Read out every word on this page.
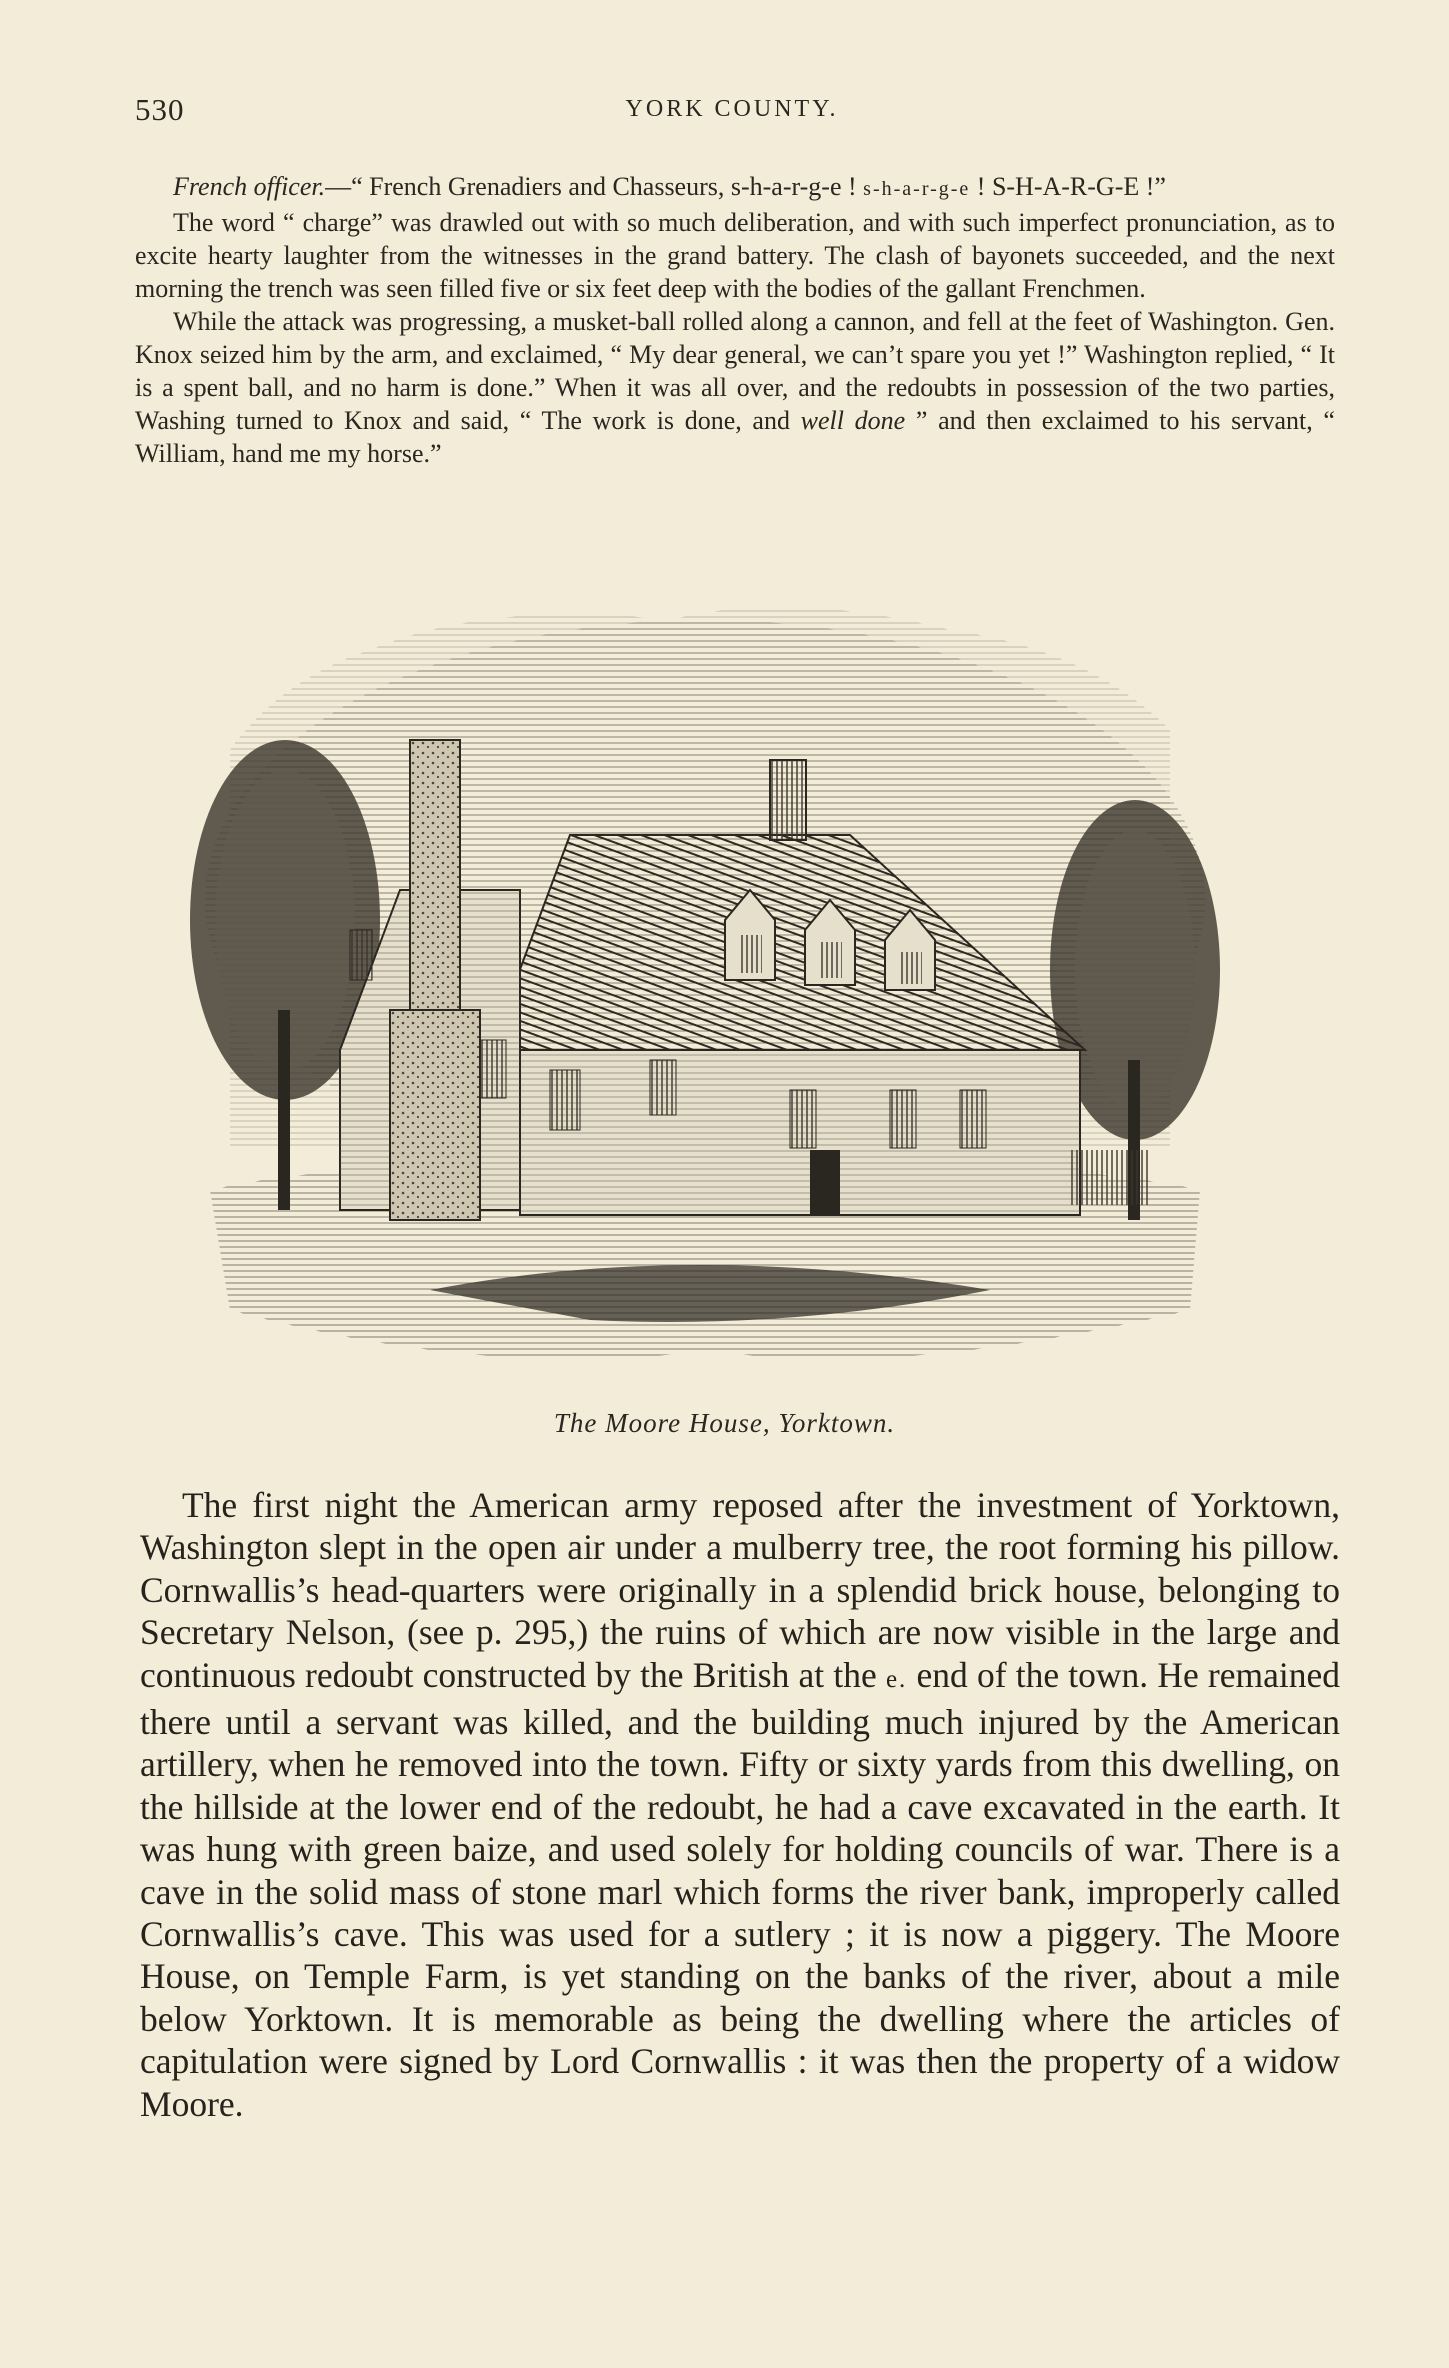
530	YORK COUNTY.

French officer.—“ French Grenadiers and Chasseurs, s-h-a-r-g-e ! s-h-a-r-g-e ! S-H-A-R-G-E !”

The word “ charge” was drawled out with so much deliberation, and with such imperfect pronunciation, as to excite hearty laughter from the witnesses in the grand battery. The clash of bayonets succeeded, and the next morning the trench was seen filled five or six feet deep with the bodies of the gallant Frenchmen.

While the attack was progressing, a musket-ball rolled along a cannon, and fell at the feet of Washington. Gen. Knox seized him by the arm, and exclaimed, “ My dear general, we can’t spare you yet !” Washington replied, “ It is a spent ball, and no harm is done.” When it was all over, and the redoubts in possession of the two parties, Washing turned to Knox and said, “ The work is done, and well done ” and then exclaimed to his servant, “ William, hand me my horse.”

The Moore House, Yorktown.

The first night the American army reposed after the investment of Yorktown, Washington slept in the open air under a mulberry tree, the root forming his pillow. Cornwallis’s head-quarters were originally in a splendid brick house, belonging to Secretary Nelson, (see p. 295,) the ruins of which are now visible in the large and continuous redoubt constructed by the British at the e. end of the town. He remained there until a servant was killed, and the building much injured by the American artillery, when he removed into the town. Fifty or sixty yards from this dwelling, on the hillside at the lower end of the redoubt, he had a cave excavated in the earth. It was hung with green baize, and used solely for holding councils of war. There is a cave in the solid mass of stone marl which forms the river bank, improperly called Cornwallis’s cave. This was used for a sutlery ; it is now a piggery. The Moore House, on Temple Farm, is yet standing on the banks of the river, about a mile below Yorktown. It is memorable as being the dwelling where the articles of capitulation were signed by Lord Cornwallis : it was then the property of a widow Moore.
